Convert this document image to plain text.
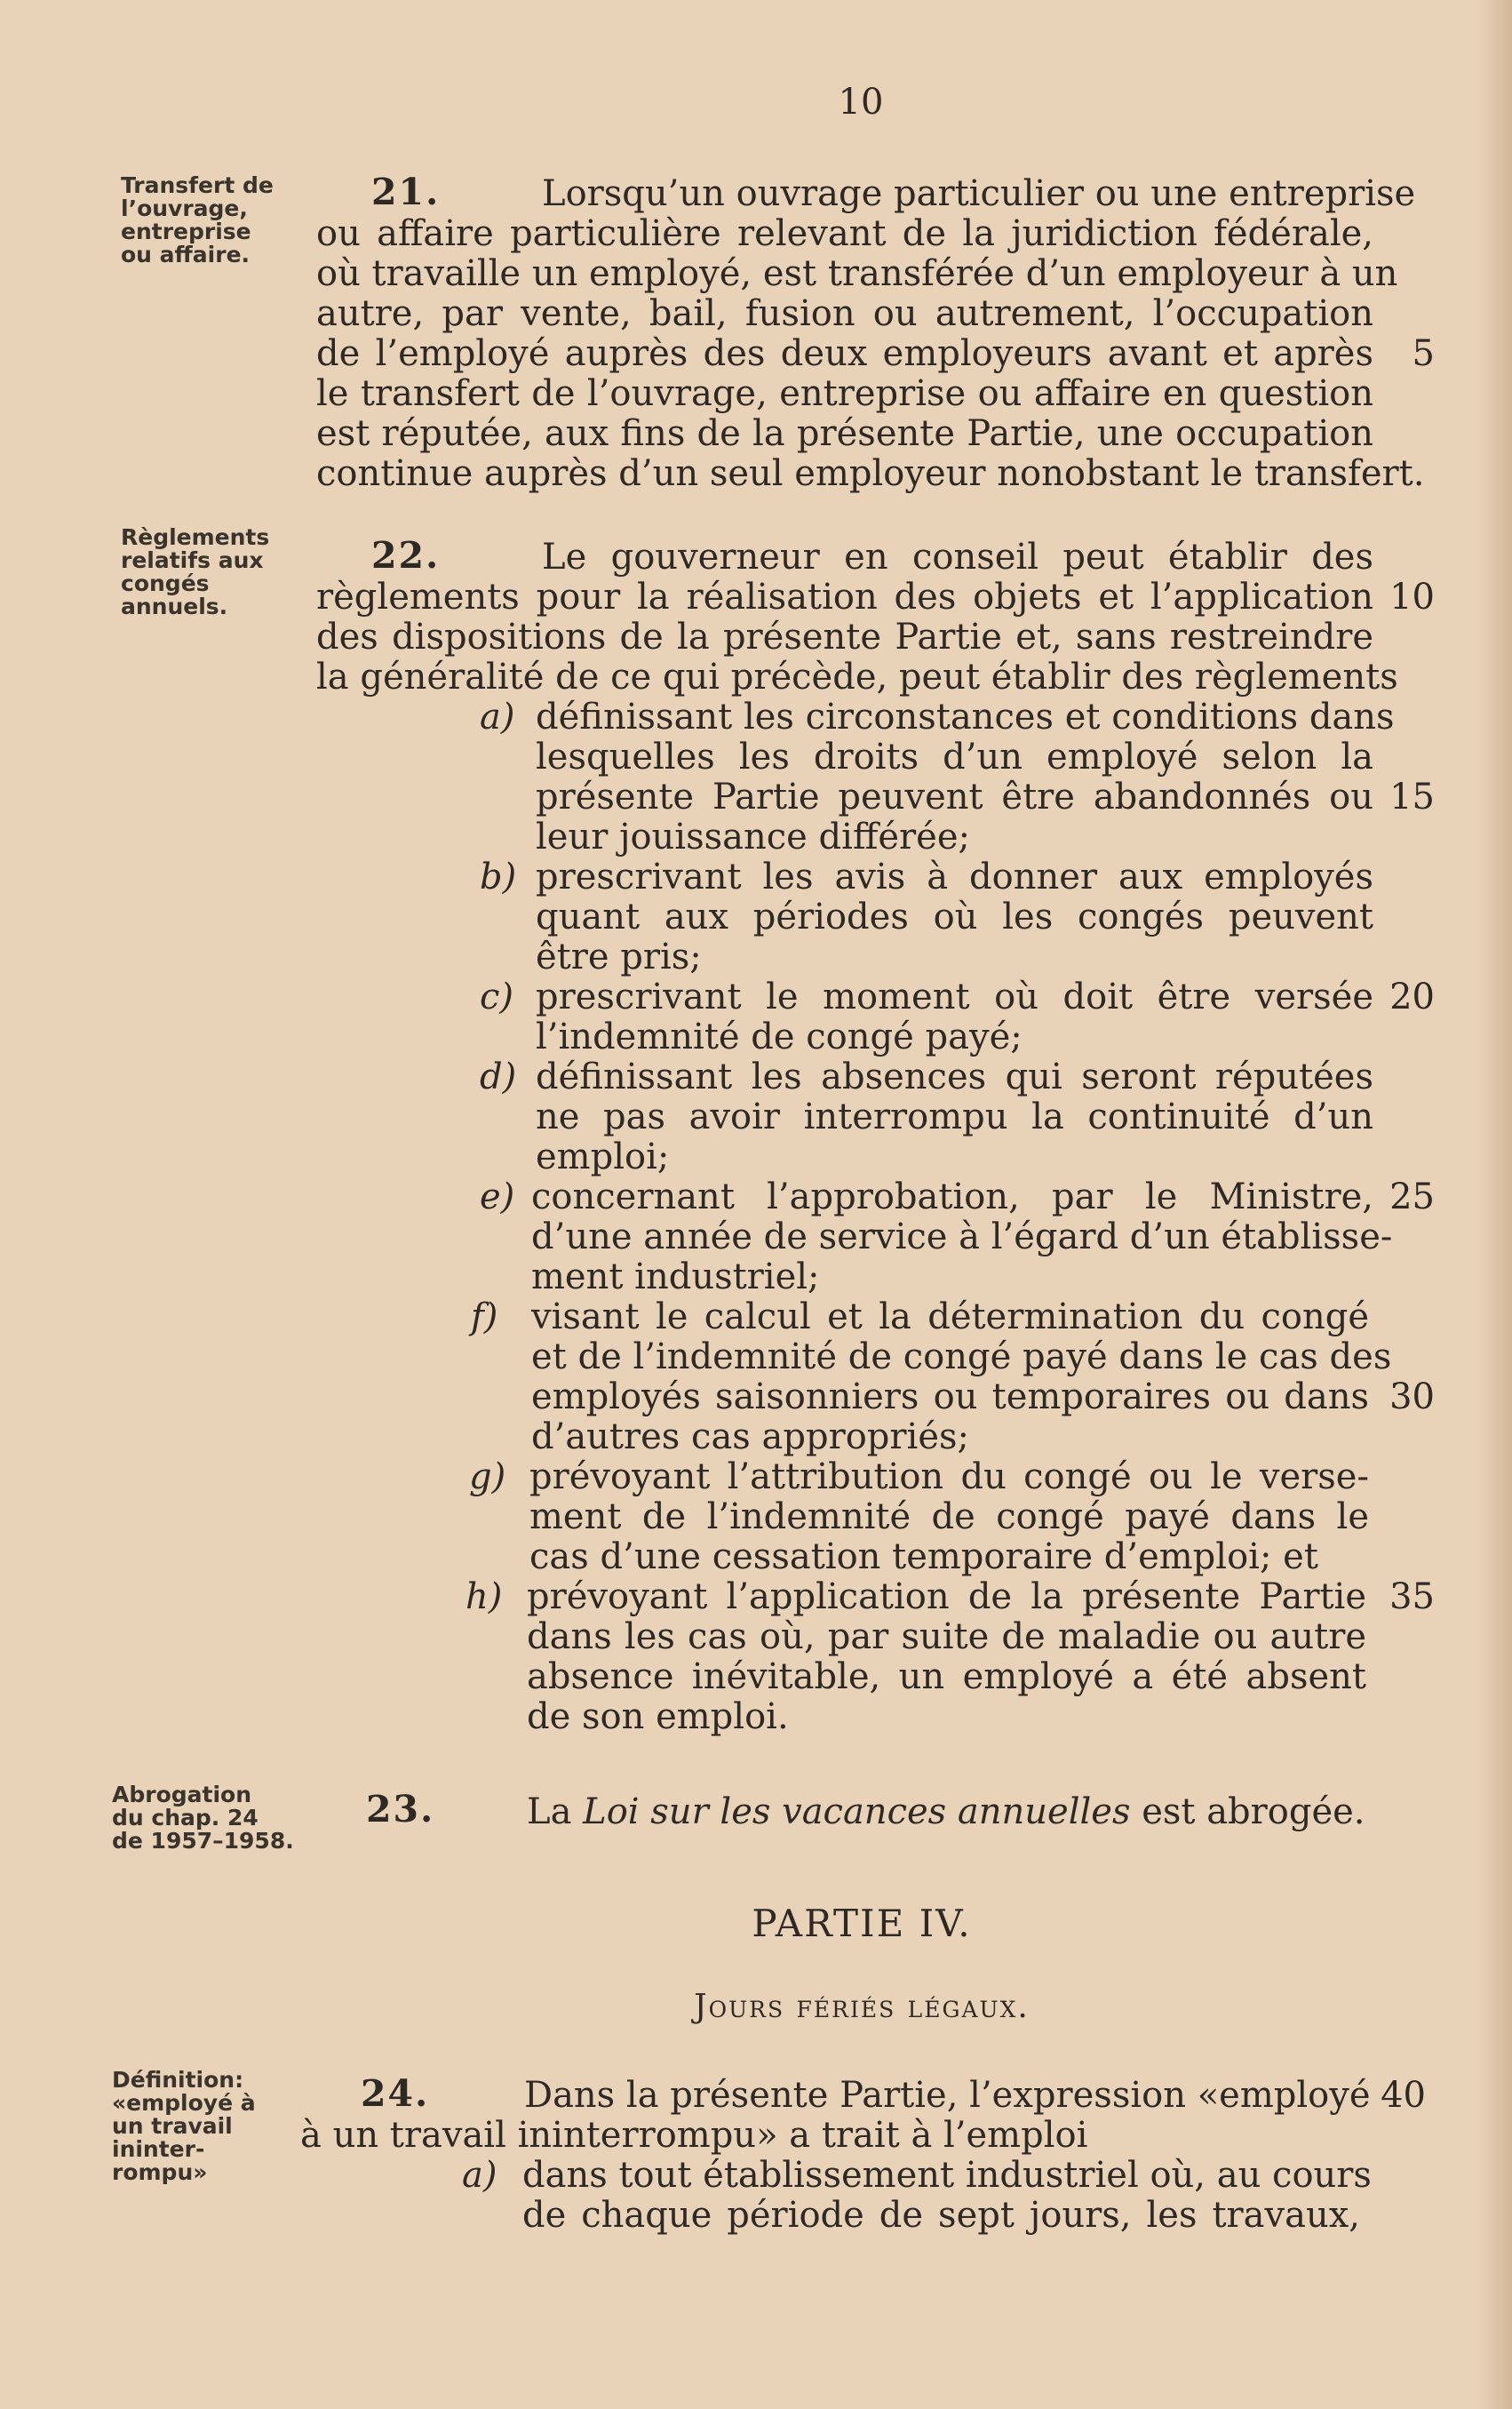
10
Transfert de
l’ouvrage,
entreprise
ou affaire.
Règlements
relatifs aux
congés
annuels.
Abrogation
du chap. 24
de 1957–1958.
Définition:
«employé à
un travail
ininter-
rompu»
21.	Lorsqu’un ouvrage particulier ou une entreprise
ou affaire particulière relevant de la juridiction fédérale,
où travaille un employé, est transférée d’un employeur à un
autre, par vente, bail, fusion ou autrement, l’occupation
de l’employé auprès des deux employeurs avant et après
le transfert de l’ouvrage, entreprise ou affaire en question
est réputée, aux fins de la présente Partie, une occupation
continue auprès d’un seul employeur nonobstant le transfert.
22.	Le gouverneur en conseil peut établir des
règlements pour la réalisation des objets et l’application
des dispositions de la présente Partie et, sans restreindre
la généralité de ce qui précède, peut établir des règlements
a) définissant les circonstances et conditions dans
lesquelles les droits d’un employé selon la
présente Partie peuvent être abandonnés ou
leur jouissance différée;
b) prescrivant les avis à donner aux employés
quant aux périodes où les congés peuvent
être pris;
c) prescrivant le moment où doit être versée
l’indemnité de congé payé;
d) définissant les absences qui seront réputées
ne pas avoir interrompu la continuité d’un
emploi;
e) concernant l’approbation, par le Ministre,
d’une année de service à l’égard d’un établisse-
ment industriel;
f) visant le calcul et la détermination du congé
et de l’indemnité de congé payé dans le cas des
employés saisonniers ou temporaires ou dans
d’autres cas appropriés;
g) prévoyant l’attribution du congé ou le verse-
ment de l’indemnité de congé payé dans le
cas d’une cessation temporaire d’emploi; et
h) prévoyant l’application de la présente Partie
dans les cas où, par suite de maladie ou autre
absence inévitable, un employé a été absent
de son emploi.
23.	La Loi sur les vacances annuelles est abrogée.
PARTIE IV.
Jours fériés légaux.
24.	Dans la présente Partie, l’expression «employé
à un travail ininterrompu» a trait à l’emploi
a) dans tout établissement industriel où, au cours
de chaque période de sept jours, les travaux,
5
10
15
20
25
30
35
40
